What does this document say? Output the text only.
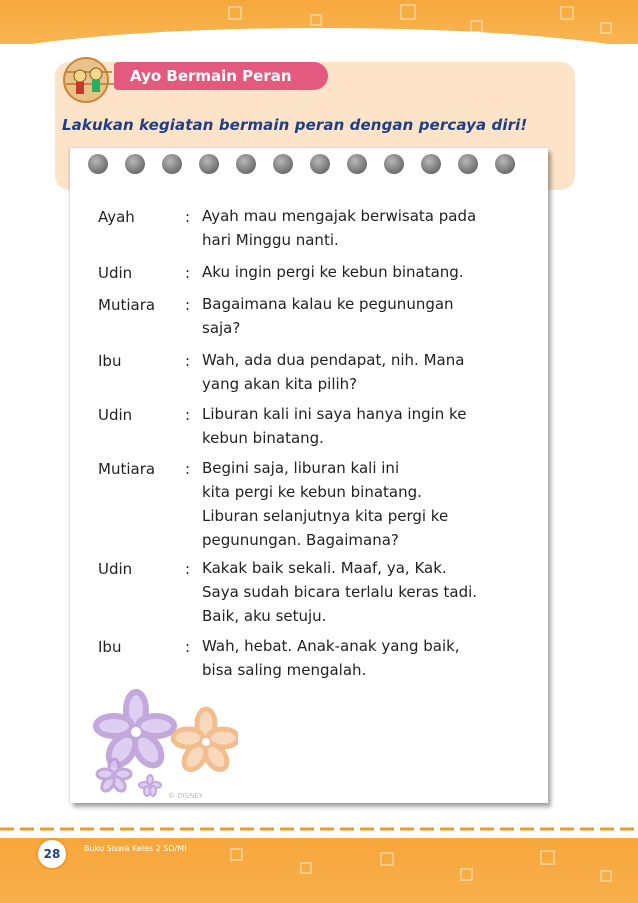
Ayo Bermain Peran
Lakukan kegiatan bermain peran dengan percaya diri!
Ayah	: Ayah mau mengajak berwisata pada
hari Minggu nanti.
Udin	: Aku ingin pergi ke kebun binatang.
Mutiara : Bagaimana kalau ke pegunungan
saja?
Ibu	: Wah, ada dua pendapat, nih. Mana
yang akan kita pilih?
Udin	: Liburan kali ini saya hanya ingin ke
kebun binatang.
Mutiara : Begini saja, liburan kali ini
kita pergi ke kebun binatang.
Liburan selanjutnya kita pergi ke
pegunungan. Bagaimana?
Udin	: Kakak baik sekali. Maaf, ya, Kak.
Saya sudah bicara terlalu keras tadi.
Baik, aku setuju.
Ibu	: Wah, hebat. Anak-anak yang baik,
bisa saling mengalah.
© DISNEY
28	Buku Siswa Kelas 2 SD/MI
